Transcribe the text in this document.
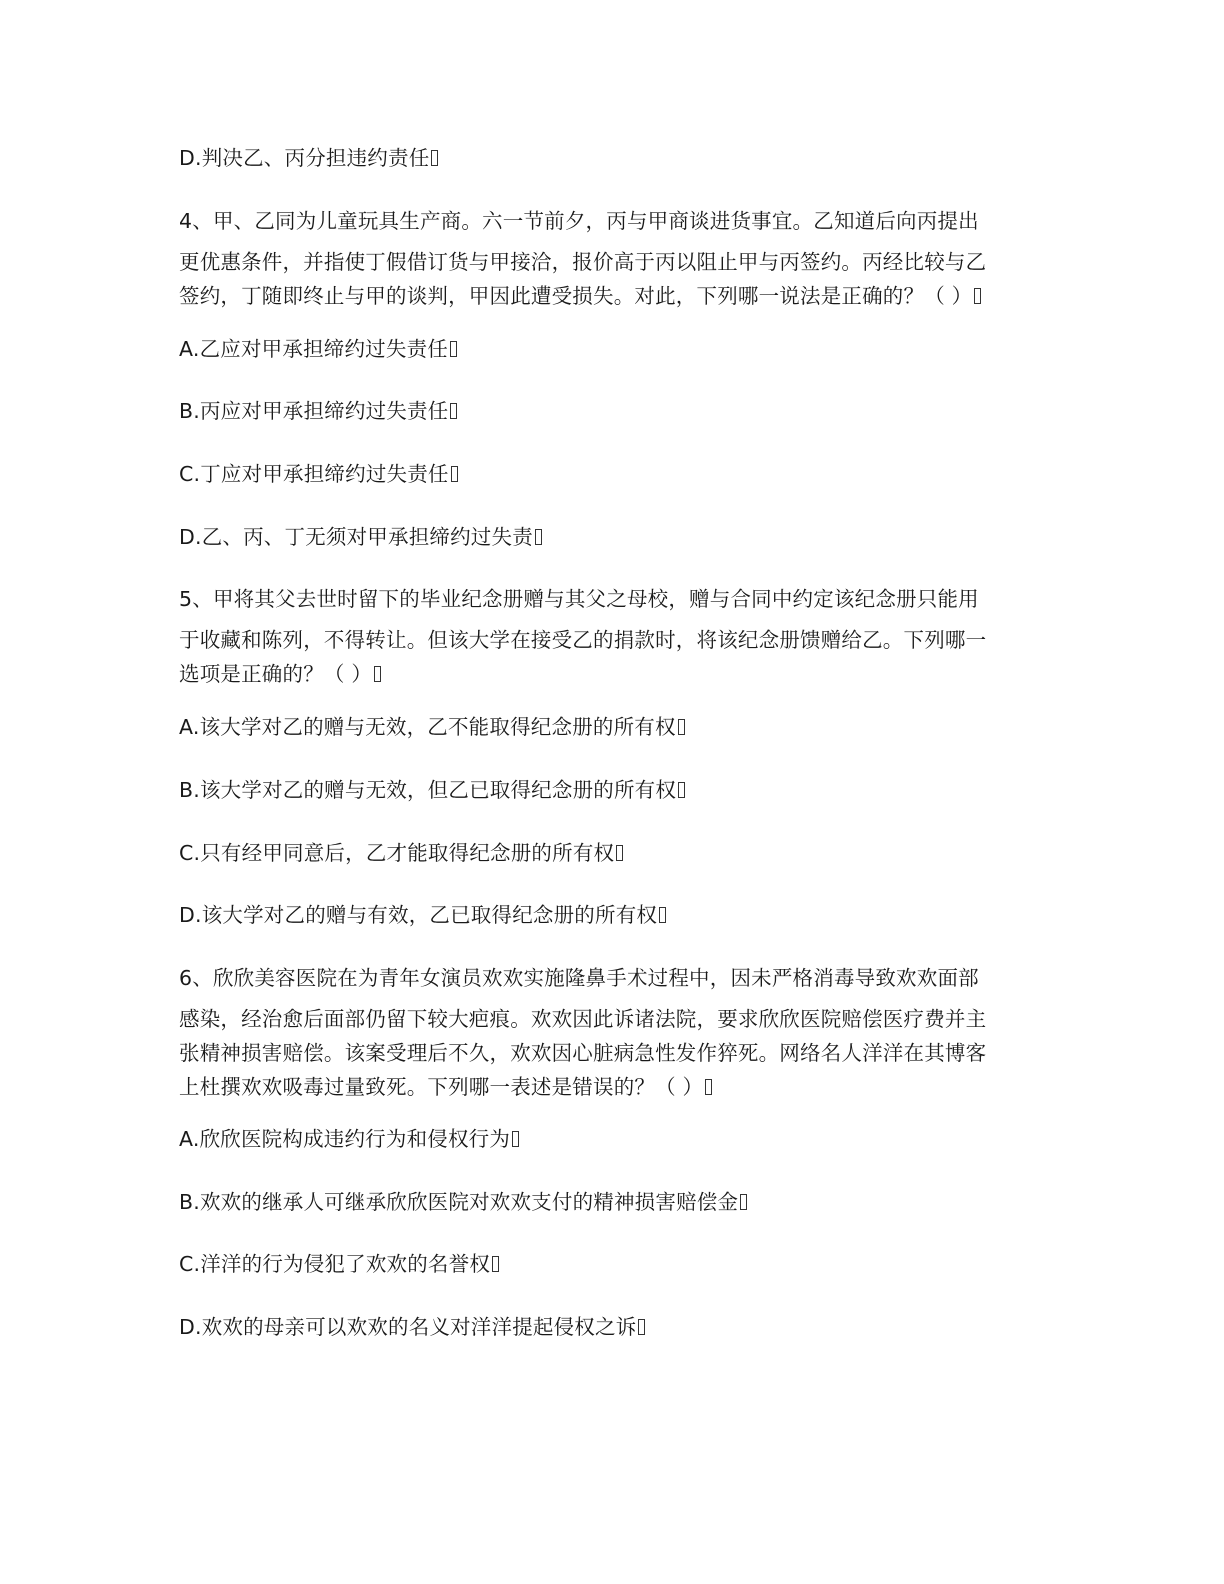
D.判决乙、丙分担违约责任
4、甲、乙同为儿童玩具生产商。六一节前夕，丙与甲商谈进货事宜。乙知道后向丙提出
更优惠条件，并指使丁假借订货与甲接洽，报价高于丙以阻止甲与丙签约。丙经比较与乙
签约，丁随即终止与甲的谈判，甲因此遭受损失。对此，下列哪一说法是正确的？（ ）
A.乙应对甲承担缔约过失责任
B.丙应对甲承担缔约过失责任
C.丁应对甲承担缔约过失责任
D.乙、丙、丁无须对甲承担缔约过失责
5、甲将其父去世时留下的毕业纪念册赠与其父之母校，赠与合同中约定该纪念册只能用
于收藏和陈列，不得转让。但该大学在接受乙的捐款时，将该纪念册馈赠给乙。下列哪一
选项是正确的？（ ）
A.该大学对乙的赠与无效，乙不能取得纪念册的所有权
B.该大学对乙的赠与无效，但乙已取得纪念册的所有权
C.只有经甲同意后，乙才能取得纪念册的所有权
D.该大学对乙的赠与有效，乙已取得纪念册的所有权
6、欣欣美容医院在为青年女演员欢欢实施隆鼻手术过程中，因未严格消毒导致欢欢面部
感染，经治愈后面部仍留下较大疤痕。欢欢因此诉诸法院，要求欣欣医院赔偿医疗费并主
张精神损害赔偿。该案受理后不久，欢欢因心脏病急性发作猝死。网络名人洋洋在其博客
上杜撰欢欢吸毒过量致死。下列哪一表述是错误的？（ ）
A.欣欣医院构成违约行为和侵权行为
B.欢欢的继承人可继承欣欣医院对欢欢支付的精神损害赔偿金
C.洋洋的行为侵犯了欢欢的名誉权
D.欢欢的母亲可以欢欢的名义对洋洋提起侵权之诉
